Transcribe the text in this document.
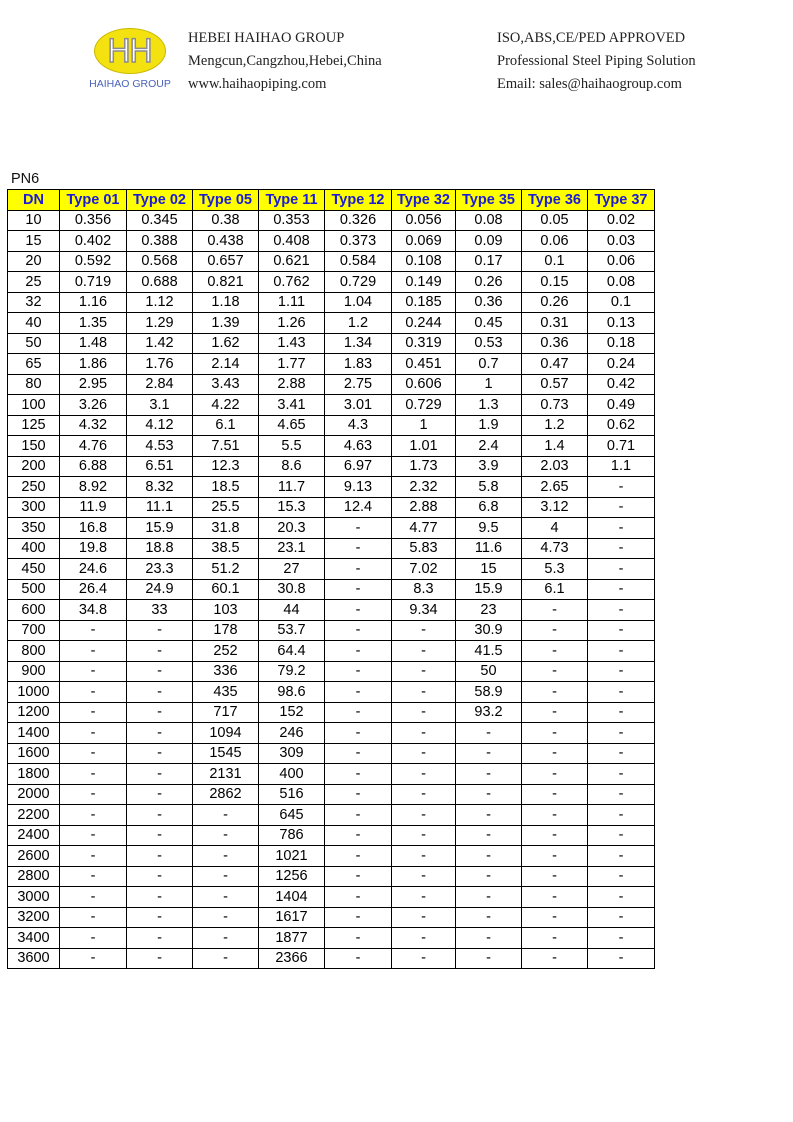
HH
HAIHAO GROUP
HEBEI HAIHAO GROUP
Mengcun,Cangzhou,Hebei,China
www.haihaopiping.com
ISO,ABS,CE/PED APPROVED
Professional Steel Piping Solution
Email: sales@haihaogroup.com
PN6
DN	Type 01	Type 02	Type 05	Type 11	Type 12	Type 32	Type 35	Type 36	Type 37
10	0.356	0.345	0.38	0.353	0.326	0.056	0.08	0.05	0.02
15	0.402	0.388	0.438	0.408	0.373	0.069	0.09	0.06	0.03
20	0.592	0.568	0.657	0.621	0.584	0.108	0.17	0.1	0.06
25	0.719	0.688	0.821	0.762	0.729	0.149	0.26	0.15	0.08
32	1.16	1.12	1.18	1.11	1.04	0.185	0.36	0.26	0.1
40	1.35	1.29	1.39	1.26	1.2	0.244	0.45	0.31	0.13
50	1.48	1.42	1.62	1.43	1.34	0.319	0.53	0.36	0.18
65	1.86	1.76	2.14	1.77	1.83	0.451	0.7	0.47	0.24
80	2.95	2.84	3.43	2.88	2.75	0.606	1	0.57	0.42
100	3.26	3.1	4.22	3.41	3.01	0.729	1.3	0.73	0.49
125	4.32	4.12	6.1	4.65	4.3	1	1.9	1.2	0.62
150	4.76	4.53	7.51	5.5	4.63	1.01	2.4	1.4	0.71
200	6.88	6.51	12.3	8.6	6.97	1.73	3.9	2.03	1.1
250	8.92	8.32	18.5	11.7	9.13	2.32	5.8	2.65	-
300	11.9	11.1	25.5	15.3	12.4	2.88	6.8	3.12	-
350	16.8	15.9	31.8	20.3	-	4.77	9.5	4	-
400	19.8	18.8	38.5	23.1	-	5.83	11.6	4.73	-
450	24.6	23.3	51.2	27	-	7.02	15	5.3	-
500	26.4	24.9	60.1	30.8	-	8.3	15.9	6.1	-
600	34.8	33	103	44	-	9.34	23	-	-
700	-	-	178	53.7	-	-	30.9	-	-
800	-	-	252	64.4	-	-	41.5	-	-
900	-	-	336	79.2	-	-	50	-	-
1000	-	-	435	98.6	-	-	58.9	-	-
1200	-	-	717	152	-	-	93.2	-	-
1400	-	-	1094	246	-	-	-	-	-
1600	-	-	1545	309	-	-	-	-	-
1800	-	-	2131	400	-	-	-	-	-
2000	-	-	2862	516	-	-	-	-	-
2200	-	-	-	645	-	-	-	-	-
2400	-	-	-	786	-	-	-	-	-
2600	-	-	-	1021	-	-	-	-	-
2800	-	-	-	1256	-	-	-	-	-
3000	-	-	-	1404	-	-	-	-	-
3200	-	-	-	1617	-	-	-	-	-
3400	-	-	-	1877	-	-	-	-	-
3600	-	-	-	2366	-	-	-	-	-
